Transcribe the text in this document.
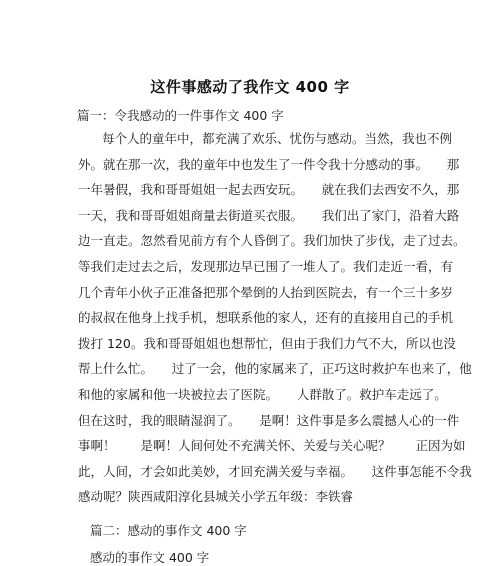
这件事感动了我作文 400 字
篇一：令我感动的一件事作文 400 字
每个人的童年中，都充满了欢乐、忧伤与感动。当然，我也不例
外。就在那一次，我的童年中也发生了一件令我十分感动的事。　　那
一年暑假，我和哥哥姐姐一起去西安玩。　　就在我们去西安不久，那
一天，我和哥哥姐姐商量去街道买衣服。　　我们出了家门，沿着大路
边一直走。忽然看见前方有个人昏倒了。我们加快了步伐，走了过去。
等我们走过去之后，发现那边早已围了一堆人了。我们走近一看，有
几个青年小伙子正准备把那个晕倒的人抬到医院去，有一个三十多岁
的叔叔在他身上找手机，想联系他的家人，还有的直接用自己的手机
拨打 120。我和哥哥姐姐也想帮忙，但由于我们力气不大，所以也没
帮上什么忙。　　过了一会，他的家属来了，正巧这时救护车也来了，他
和他的家属和他一块被拉去了医院。　　人群散了。救护车走远了。
但在这时，我的眼睛湿润了。　　是啊！这件事是多么震撼人心的一件
事啊！　　是啊！人间何处不充满关怀、关爱与关心呢？　　正因为如
此，人间，才会如此美妙，才回充满关爱与幸福。　　这件事怎能不令我
感动呢？陕西咸阳淳化县城关小学五年级：李铁睿
篇二：感动的事作文 400 字
感动的事作文 400 字
